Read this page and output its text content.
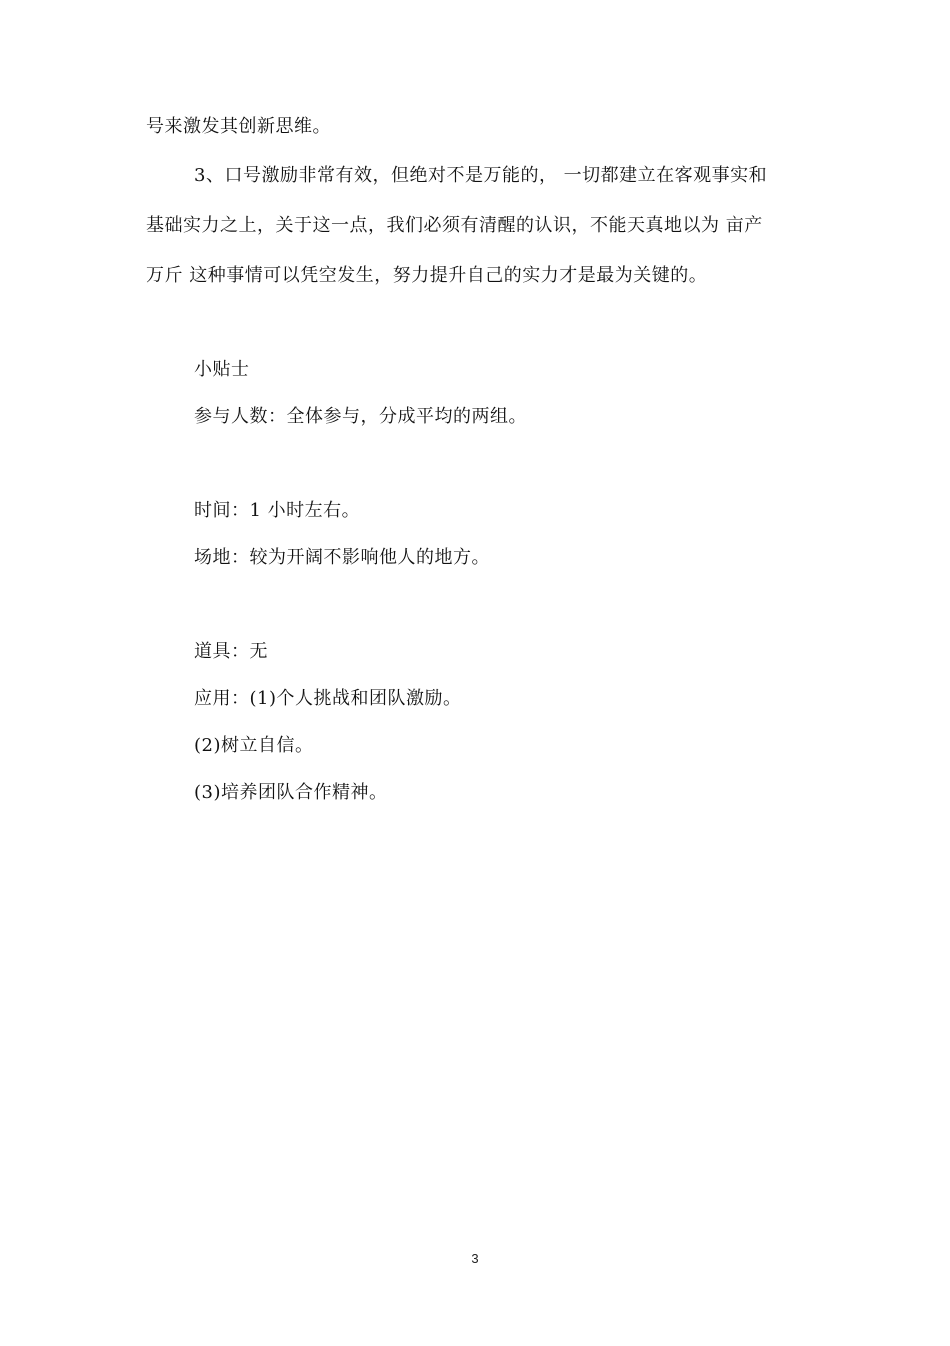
号来激发其创新思维。
3、口号激励非常有效，但绝对不是万能的， 一切都建立在客观事实和
基础实力之上，关于这一点，我们必须有清醒的认识，不能天真地以为 亩产
万斤 这种事情可以凭空发生，努力提升自己的实力才是最为关键的。
小贴士
参与人数：全体参与，分成平均的两组。
时间：1 小时左右。
场地：较为开阔不影响他人的地方。
道具：无
应用：(1)个人挑战和团队激励。
(2)树立自信。
(3)培养团队合作精神。
3
